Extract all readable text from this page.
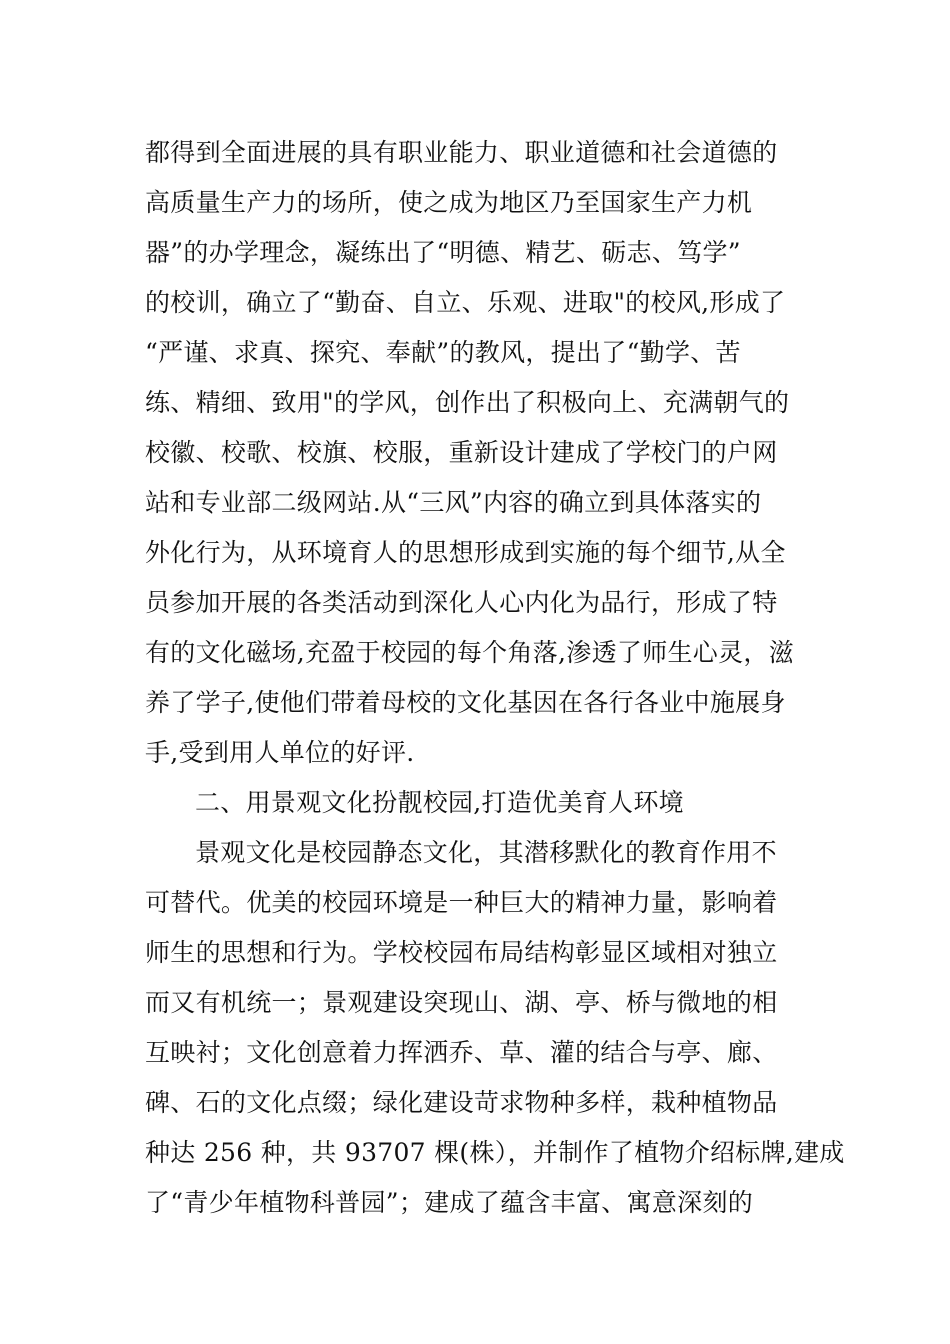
都得到全面进展的具有职业能力、职业道德和社会道德的
高质量生产力的场所，使之成为地区乃至国家生产力机
器”的办学理念，凝练出了“明德、精艺、砺志、笃学”
的校训，确立了“勤奋、自立、乐观、进取"的校风,形成了
“严谨、求真、探究、奉献”的教风，提出了“勤学、苦
练、精细、致用"的学风，创作出了积极向上、充满朝气的
校徽、校歌、校旗、校服，重新设计建成了学校门的户网
站和专业部二级网站.从“三风”内容的确立到具体落实的
外化行为，从环境育人的思想形成到实施的每个细节,从全
员参加开展的各类活动到深化人心内化为品行，形成了特
有的文化磁场,充盈于校园的每个角落,渗透了师生心灵，滋
养了学子,使他们带着母校的文化基因在各行各业中施展身
手,受到用人单位的好评.
二、用景观文化扮靓校园,打造优美育人环境
景观文化是校园静态文化，其潜移默化的教育作用不
可替代。优美的校园环境是一种巨大的精神力量，影响着
师生的思想和行为。学校校园布局结构彰显区域相对独立
而又有机统一；景观建设突现山、湖、亭、桥与微地的相
互映衬；文化创意着力挥洒乔、草、灌的结合与亭、廊、
碑、石的文化点缀；绿化建设苛求物种多样，栽种植物品
种达 256 种，共 93707 棵(株），并制作了植物介绍标牌,建成
了“青少年植物科普园”；建成了蕴含丰富、寓意深刻的
